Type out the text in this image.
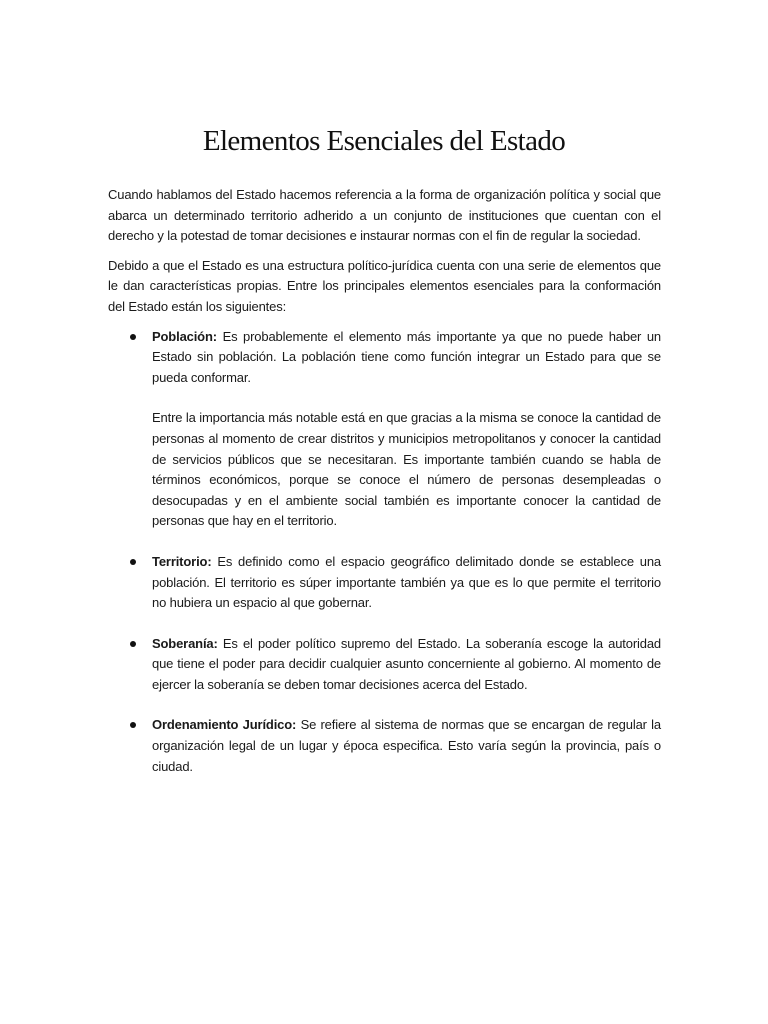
Elementos Esenciales del Estado

Cuando hablamos del Estado hacemos referencia a la forma de organización política y social que abarca un determinado territorio adherido a un conjunto de instituciones que cuentan con el derecho y la potestad de tomar decisiones e instaurar normas con el fin de regular la sociedad.

Debido a que el Estado es una estructura político-jurídica cuenta con una serie de elementos que le dan características propias. Entre los principales elementos esenciales para la conformación del Estado están los siguientes:

Población: Es probablemente el elemento más importante ya que no puede haber un Estado sin población. La población tiene como función integrar un Estado para que se pueda conformar.

Entre la importancia más notable está en que gracias a la misma se conoce la cantidad de personas al momento de crear distritos y municipios metropolitanos y conocer la cantidad de servicios públicos que se necesitaran. Es importante también cuando se habla de términos económicos, porque se conoce el número de personas desempleadas o desocupadas y en el ambiente social también es importante conocer la cantidad de personas que hay en el territorio.

Territorio: Es definido como el espacio geográfico delimitado donde se establece una población. El territorio es súper importante también ya que es lo que permite el territorio no hubiera un espacio al que gobernar.
Soberanía: Es el poder político supremo del Estado. La soberanía escoge la autoridad que tiene el poder para decidir cualquier asunto concerniente al gobierno. Al momento de ejercer la soberanía se deben tomar decisiones acerca del Estado.
Ordenamiento Jurídico: Se refiere al sistema de normas que se encargan de regular la organización legal de un lugar y época especifica. Esto varía según la provincia, país o ciudad.
